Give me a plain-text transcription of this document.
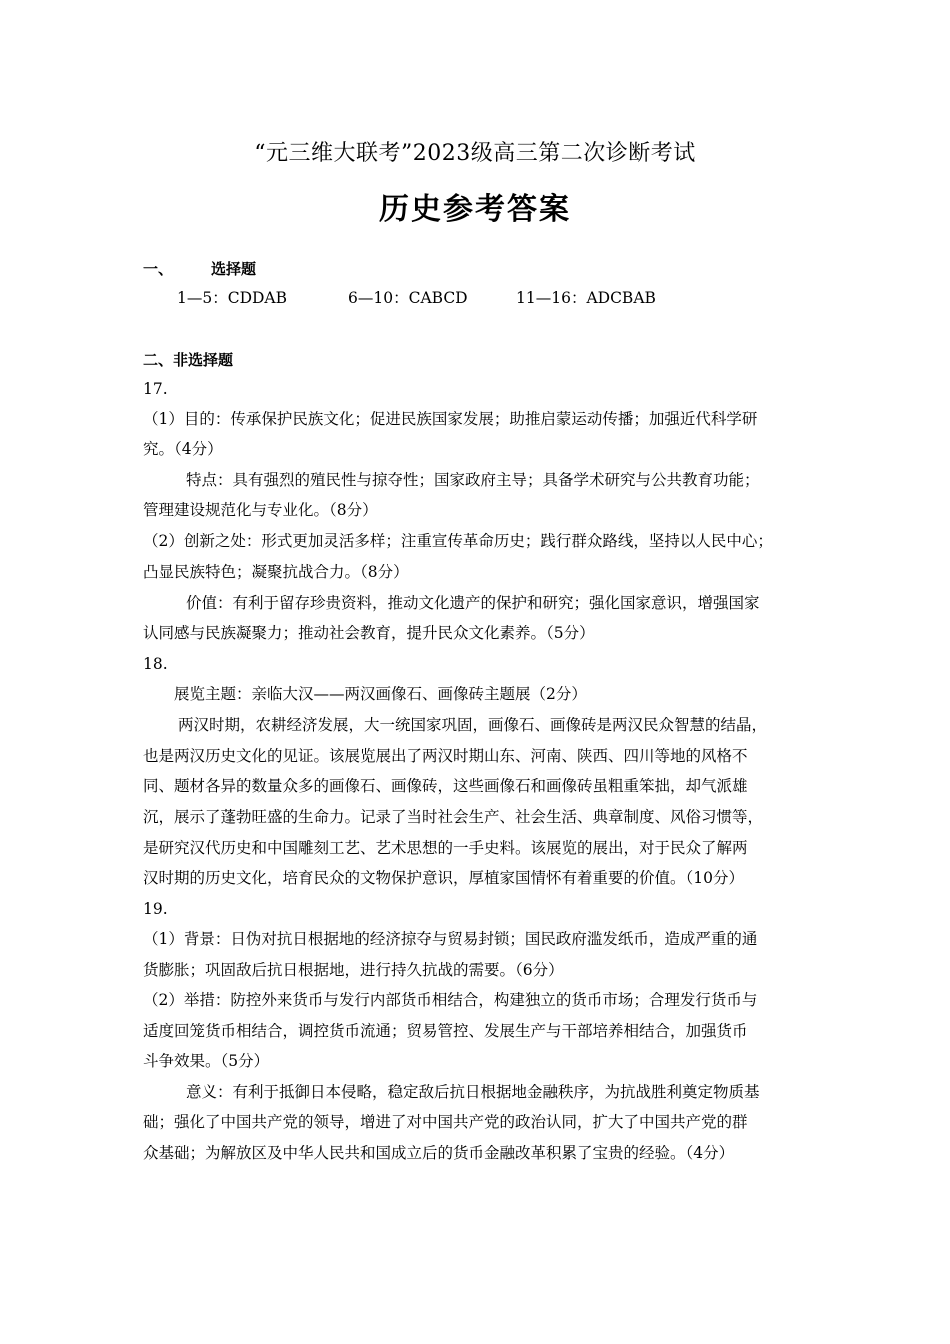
“元三维大联考”2023级高三第二次诊断考试
历史参考答案
一、	选择题
1—5：CDDAB	6—10：CABCD	11—16：ADCBAB
二、非选择题
17.
（1）目的：传承保护民族文化；促进民族国家发展；助推启蒙运动传播；加强近代科学研
究。（4分）
特点：具有强烈的殖民性与掠夺性；国家政府主导；具备学术研究与公共教育功能；
管理建设规范化与专业化。（8分）
（2）创新之处：形式更加灵活多样；注重宣传革命历史；践行群众路线，坚持以人民中心；
凸显民族特色；凝聚抗战合力。（8分）
价值：有利于留存珍贵资料，推动文化遗产的保护和研究；强化国家意识，增强国家
认同感与民族凝聚力；推动社会教育，提升民众文化素养。（5分）
18.
展览主题：亲临大汉——两汉画像石、画像砖主题展（2分）
两汉时期，农耕经济发展，大一统国家巩固，画像石、画像砖是两汉民众智慧的结晶，
也是两汉历史文化的见证。该展览展出了两汉时期山东、河南、陕西、四川等地的风格不
同、题材各异的数量众多的画像石、画像砖，这些画像石和画像砖虽粗重笨拙，却气派雄
沉，展示了蓬勃旺盛的生命力。记录了当时社会生产、社会生活、典章制度、风俗习惯等，
是研究汉代历史和中国雕刻工艺、艺术思想的一手史料。该展览的展出，对于民众了解两
汉时期的历史文化，培育民众的文物保护意识，厚植家国情怀有着重要的价值。（10分）
19.
（1）背景：日伪对抗日根据地的经济掠夺与贸易封锁；国民政府滥发纸币，造成严重的通
货膨胀；巩固敌后抗日根据地，进行持久抗战的需要。（6分）
（2）举措：防控外来货币与发行内部货币相结合，构建独立的货币市场；合理发行货币与
适度回笼货币相结合，调控货币流通；贸易管控、发展生产与干部培养相结合，加强货币
斗争效果。（5分）
意义：有利于抵御日本侵略，稳定敌后抗日根据地金融秩序，为抗战胜利奠定物质基
础；强化了中国共产党的领导，增进了对中国共产党的政治认同，扩大了中国共产党的群
众基础；为解放区及中华人民共和国成立后的货币金融改革积累了宝贵的经验。（4分）
